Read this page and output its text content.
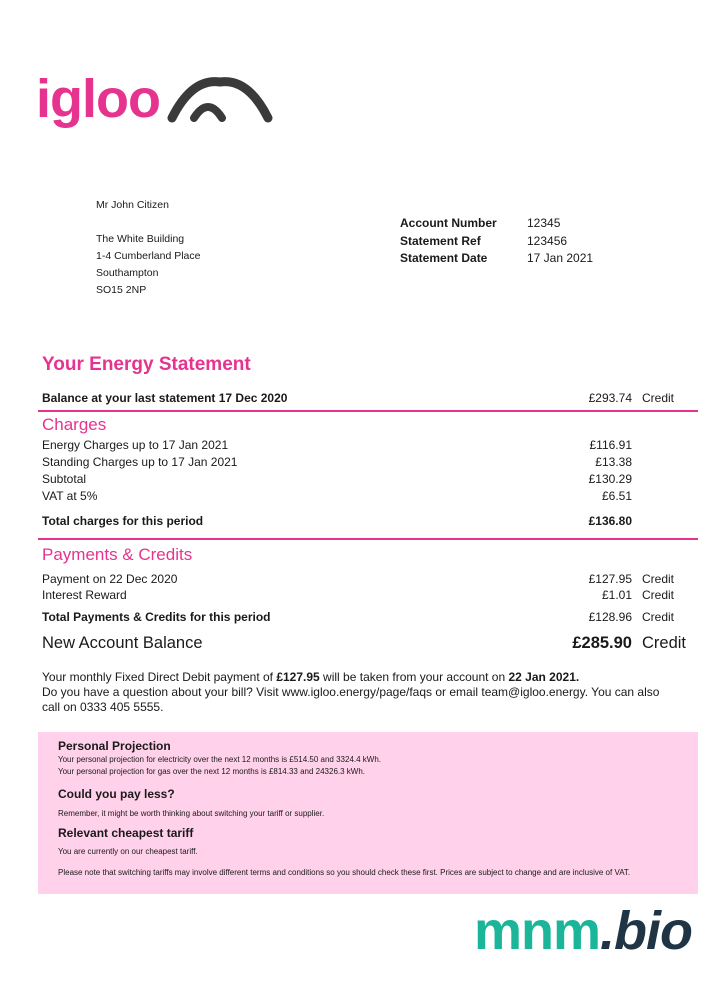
igloo
Mr John Citizen
The White Building
1-4 Cumberland Place
Southampton
SO15 2NP
Account Number	12345
Statement Ref	123456
Statement Date	17 Jan 2021
Your Energy Statement
Balance at your last statement 17 Dec 2020	£293.74 Credit
Charges
Energy Charges up to 17 Jan 2021	£116.91
Standing Charges up to 17 Jan 2021	£13.38
Subtotal	£130.29
VAT at 5%	£6.51
Total charges for this period	£136.80
Payments & Credits
Payment on 22 Dec 2020	£127.95 Credit
Interest Reward	£1.01 Credit
Total Payments & Credits for this period	£128.96 Credit
New Account Balance	£285.90 Credit
Your monthly Fixed Direct Debit payment of £127.95 will be taken from your account on 22 Jan 2021.
Do you have a question about your bill? Visit www.igloo.energy/page/faqs or email team@igloo.energy. You can also call on 0333 405 5555.
Personal Projection
Your personal projection for electricity over the next 12 months is £514.50 and 3324.4 kWh.
Your personal projection for gas over the next 12 months is £814.33 and 24326.3 kWh.
Could you pay less?
Remember, it might be worth thinking about switching your tariff or supplier.
Relevant cheapest tariff
You are currently on our cheapest tariff.
Please note that switching tariffs may involve different terms and conditions so you should check these first. Prices are subject to change and are inclusive of VAT.
mnm.bio
